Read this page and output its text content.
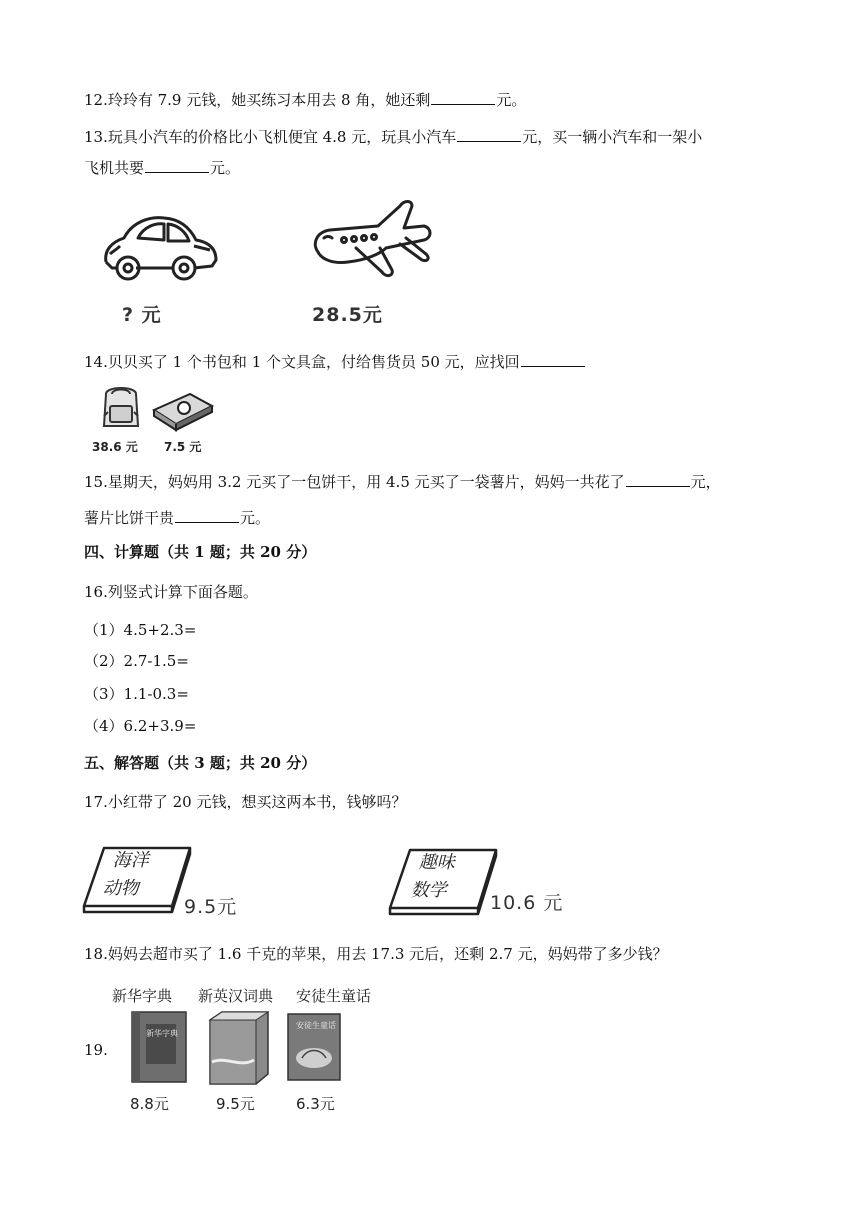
12.玲玲有 7.9 元钱，她买练习本用去 8 角，她还剩	元。
13.玩具小汽车的价格比小飞机便宜 4.8 元，玩具小汽车	元，买一辆小汽车和一架小
飞机共要	元。
? 元	28.5元
14.贝贝买了 1 个书包和 1 个文具盒，付给售货员 50 元，应找回
38.6 元 7.5 元
15.星期天，妈妈用 3.2 元买了一包饼干，用 4.5 元买了一袋薯片，妈妈一共花了	元，
薯片比饼干贵	元。
四、计算题（共 1 题；共 20 分）
16.列竖式计算下面各题。
（1）4.5+2.3=
（2）2.7-1.5=
（3）1.1-0.3=
（4）6.2+3.9=
五、解答题（共 3 题；共 20 分）
17.小红带了 20 元钱，想买这两本书，钱够吗？
海洋
动物
9.5元
趣味
数学
10.6 元
18.妈妈去超市买了 1.6 千克的苹果，用去 17.3 元后，还剩 2.7 元，妈妈带了多少钱？
新华字典 新英汉词典 安徒生童话
19.
新华字典
安徒生童话
8.8元	9.5元	6.3元
